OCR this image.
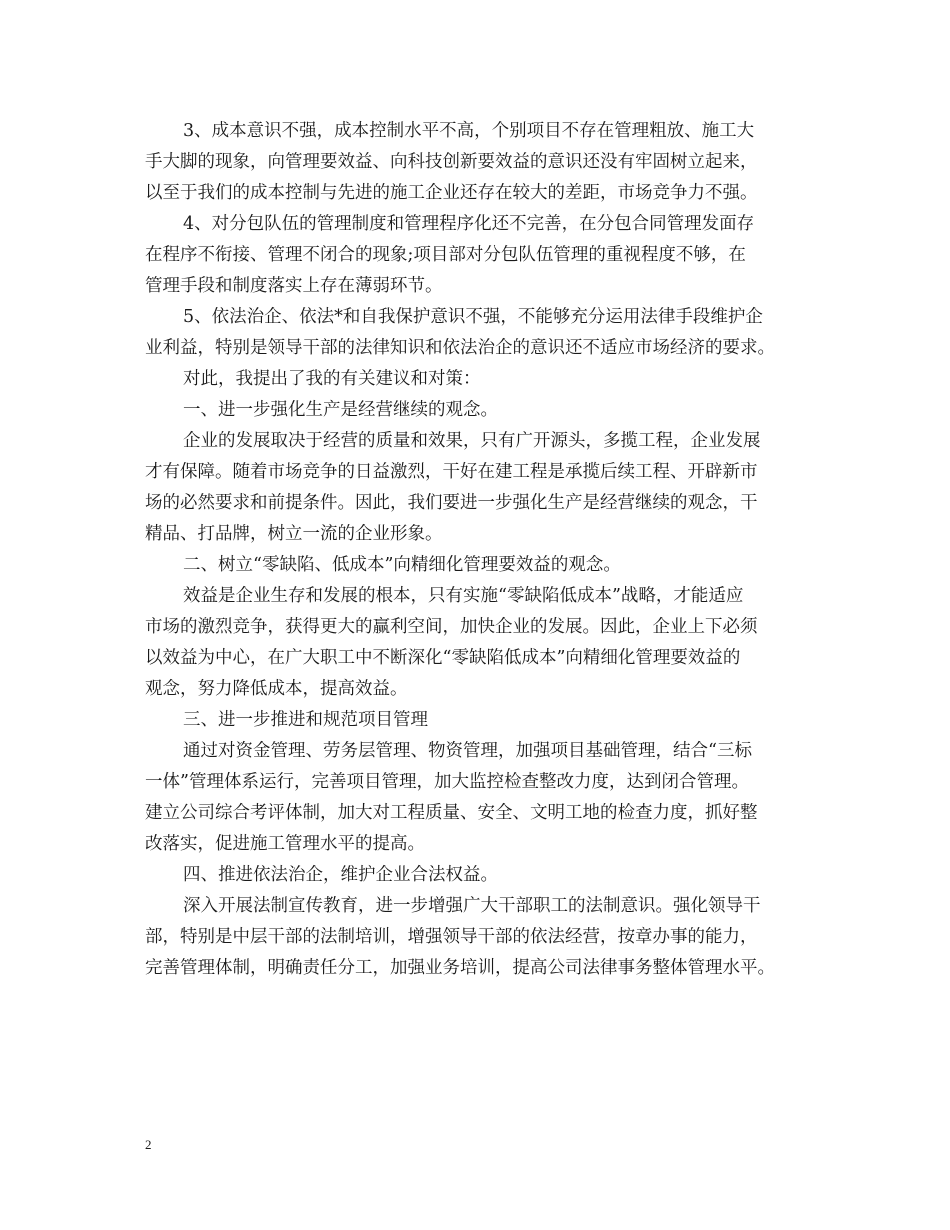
3、成本意识不强，成本控制水平不高，个别项目不存在管理粗放、施工大
手大脚的现象，向管理要效益、向科技创新要效益的意识还没有牢固树立起来，
以至于我们的成本控制与先进的施工企业还存在较大的差距，市场竞争力不强。
4、对分包队伍的管理制度和管理程序化还不完善，在分包合同管理发面存
在程序不衔接、管理不闭合的现象;项目部对分包队伍管理的重视程度不够，在
管理手段和制度落实上存在薄弱环节。
5、依法治企、依法*和自我保护意识不强，不能够充分运用法律手段维护企
业利益，特别是领导干部的法律知识和依法治企的意识还不适应市场经济的要求。
对此，我提出了我的有关建议和对策：
一、进一步强化生产是经营继续的观念。
企业的发展取决于经营的质量和效果，只有广开源头，多揽工程，企业发展
才有保障。随着市场竞争的日益激烈，干好在建工程是承揽后续工程、开辟新市
场的必然要求和前提条件。因此，我们要进一步强化生产是经营继续的观念，干
精品、打品牌，树立一流的企业形象。
二、树立“零缺陷、低成本”向精细化管理要效益的观念。
效益是企业生存和发展的根本，只有实施“零缺陷低成本”战略，才能适应
市场的激烈竞争，获得更大的赢利空间，加快企业的发展。因此，企业上下必须
以效益为中心，在广大职工中不断深化“零缺陷低成本”向精细化管理要效益的
观念，努力降低成本，提高效益。
三、进一步推进和规范项目管理
通过对资金管理、劳务层管理、物资管理，加强项目基础管理，结合“三标
一体”管理体系运行，完善项目管理，加大监控检查整改力度，达到闭合管理。
建立公司综合考评体制，加大对工程质量、安全、文明工地的检查力度，抓好整
改落实，促进施工管理水平的提高。
四、推进依法治企，维护企业合法权益。
深入开展法制宣传教育，进一步增强广大干部职工的法制意识。强化领导干
部，特别是中层干部的法制培训，增强领导干部的依法经营，按章办事的能力，
完善管理体制，明确责任分工，加强业务培训，提高公司法律事务整体管理水平。
2
